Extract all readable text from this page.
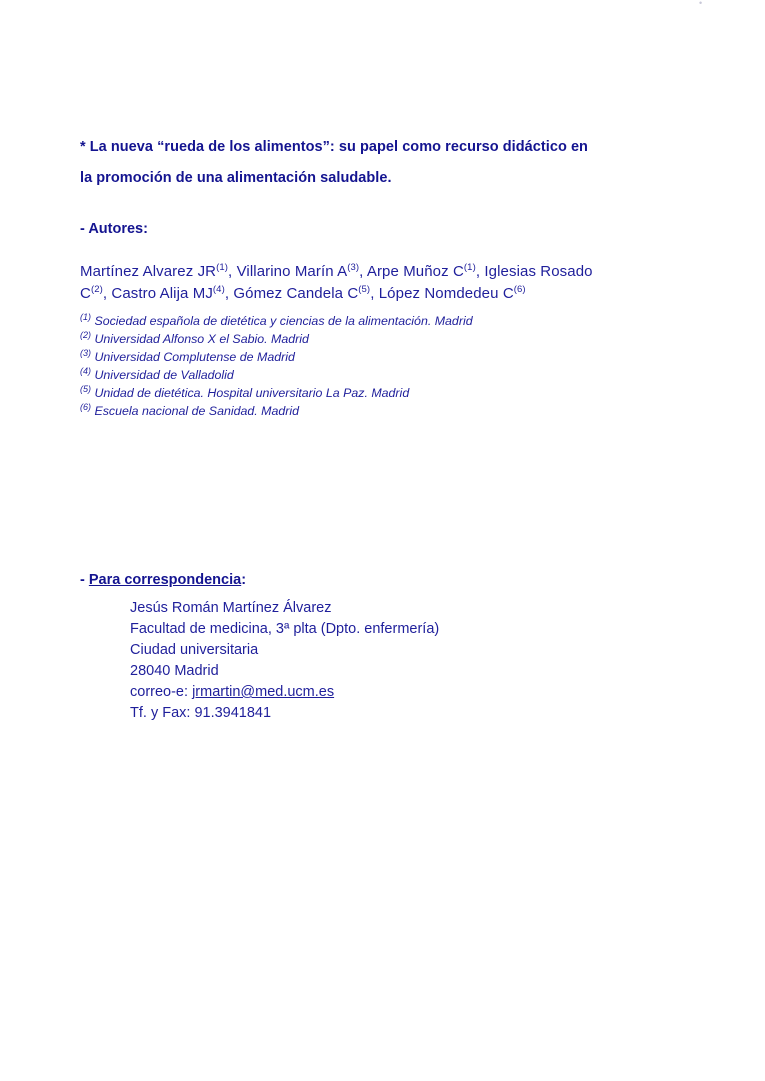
•
* La nueva “rueda de los alimentos”: su papel como recurso didáctico en
la promoción de una alimentación saludable.

- Autores:

Martínez Alvarez JR$^{(1)}$, Villarino Marín $A^{(3)}$, Arpe Muñoz $C^{(1)}$, Iglesias Rosado
$C^{(2)}$, Castro Alija MJ$^{(4)}$, Gómez Candela $C^{(5)}$, López Nomdedeu $C^{(6)}$

$^{(1)}$ Sociedad española de dietética y ciencias de la alimentación. Madrid
$^{(2)}$ Universidad Alfonso X el Sabio. Madrid
$^{(3)}$ Universidad Complutense de Madrid
$^{(4)}$ Universidad de Valladolid
$^{(5)}$ Unidad de dietética. Hospital universitario La Paz. Madrid
$^{(6)}$ Escuela nacional de Sanidad. Madrid

- Para correspondencia:

Jesús Román Martínez Álvarez
Facultad de medicina, 3ª plta (Dpto. enfermería)
Ciudad universitaria
28040 Madrid
correo-e: jrmartin@med.ucm.es
Tf. y Fax: 91.3941841
